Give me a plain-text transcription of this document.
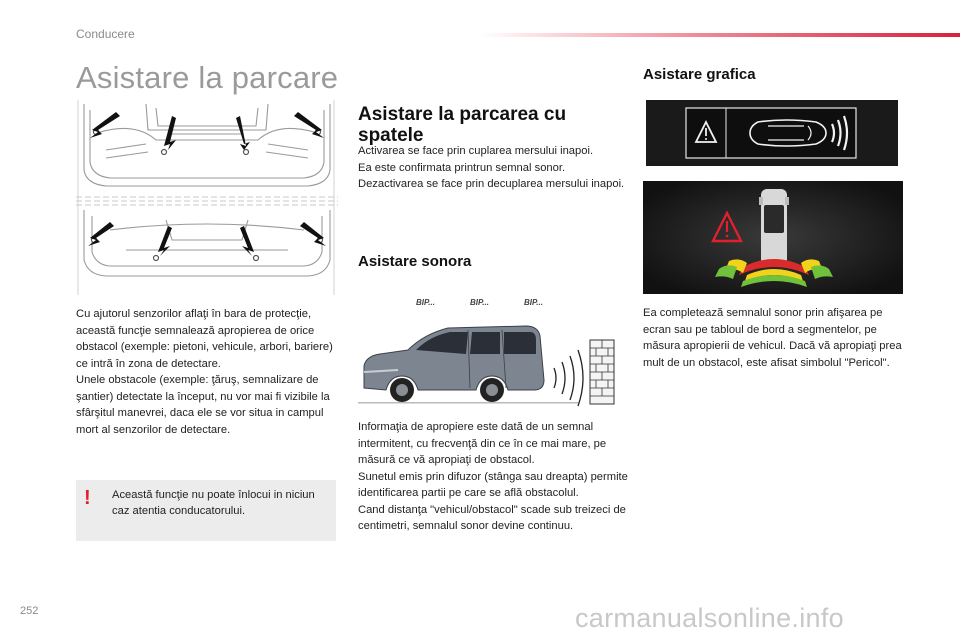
Conducere
Asistare la parcare

Cu ajutorul senzorilor aflaţi în bara de protecţie, această funcţie semnalează apropierea de orice obstacol (exemple: pietoni, vehicule, arbori, bariere) ce intră în zona de detectare.
Unele obstacole (exemple: ţăruş, semnalizare de şantier) detectate la început, nu vor mai fi vizibile la sfârşitul manevrei, daca ele se vor situa in campul mort al senzorilor de detectare.

! Această funcţie nu poate înlocui in niciun caz atentia conducatorului.
Asistare la parcarea cu spatele

Activarea se face prin cuplarea mersului inapoi.
Ea este confirmata printrun semnal sonor.
Dezactivarea se face prin decuplarea mersului inapoi.

Asistare sonora
BIP...	BIP...	BIP...

Informaţia de apropiere este dată de un semnal intermitent, cu frecvenţă din ce în ce mai mare, pe măsură ce vă apropiaţi de obstacol.
Sunetul emis prin difuzor (stânga sau dreapta) permite identificarea partii pe care se află obstacolul.
Cand distanţa "vehicul/obstacol" scade sub treizeci de centimetri, semnalul sonor devine continuu.

Asistare grafica

Ea completează semnalul sonor prin afişarea pe ecran sau pe tabloul de bord a segmentelor, pe măsura apropierii de vehicul. Dacă vă apropiaţi prea mult de un obstacol, este afisat simbolul "Pericol".

252	carmanualsonline.info
